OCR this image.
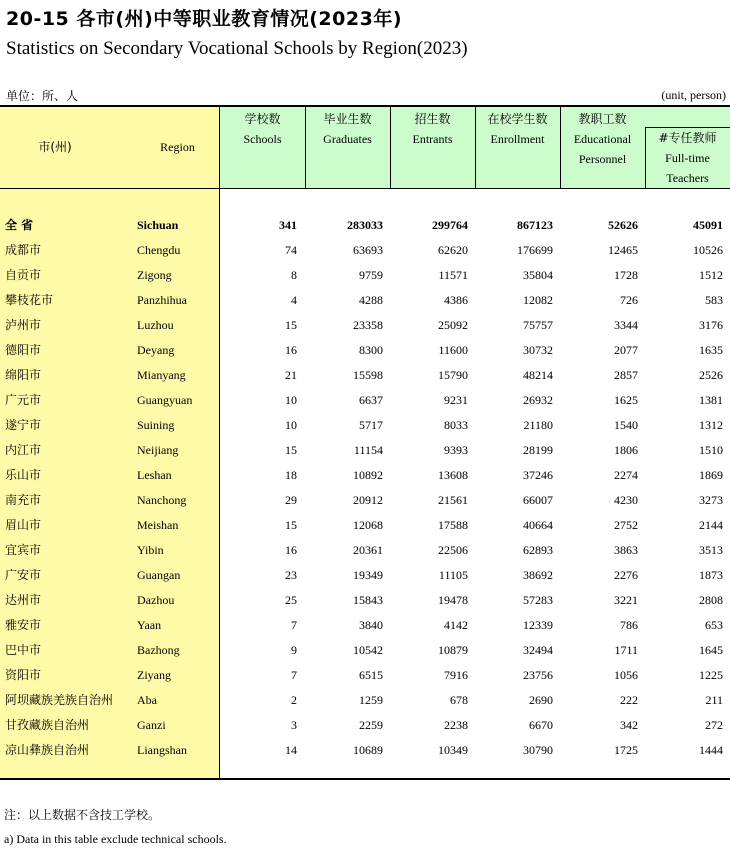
20-15 各市(州)中等职业教育情况(2023年)
Statistics on Secondary Vocational Schools by Region(2023)
单位：所、人	(unit, person)
市(州)	Region
学校数
Schools
毕业生数
Graduates
招生数
Entrants
在校学生数
Enrollment
教职工数
Educational
Personnel
#专任教师
Full-time
Teachers
全 省	Sichuan	341	283033	299764	867123	52626	45091
成都市	Chengdu	74	63693	62620	176699	12465	10526
自贡市	Zigong	8	9759	11571	35804	1728	1512
攀枝花市	Panzhihua	4	4288	4386	12082	726	583
泸州市	Luzhou	15	23358	25092	75757	3344	3176
德阳市	Deyang	16	8300	11600	30732	2077	1635
绵阳市	Mianyang	21	15598	15790	48214	2857	2526
广元市	Guangyuan	10	6637	9231	26932	1625	1381
遂宁市	Suining	10	5717	8033	21180	1540	1312
内江市	Neijiang	15	11154	9393	28199	1806	1510
乐山市	Leshan	18	10892	13608	37246	2274	1869
南充市	Nanchong	29	20912	21561	66007	4230	3273
眉山市	Meishan	15	12068	17588	40664	2752	2144
宜宾市	Yibin	16	20361	22506	62893	3863	3513
广安市	Guangan	23	19349	11105	38692	2276	1873
达州市	Dazhou	25	15843	19478	57283	3221	2808
雅安市	Yaan	7	3840	4142	12339	786	653
巴中市	Bazhong	9	10542	10879	32494	1711	1645
资阳市	Ziyang	7	6515	7916	23756	1056	1225
阿坝藏族羌族自治州 Aba	2	1259	678	2690	222	211
甘孜藏族自治州	Ganzi	3	2259	2238	6670	342	272
凉山彝族自治州	Liangshan	14	10689	10349	30790	1725	1444
注：以上数据不含技工学校。
a) Data in this table exclude technical schools.
